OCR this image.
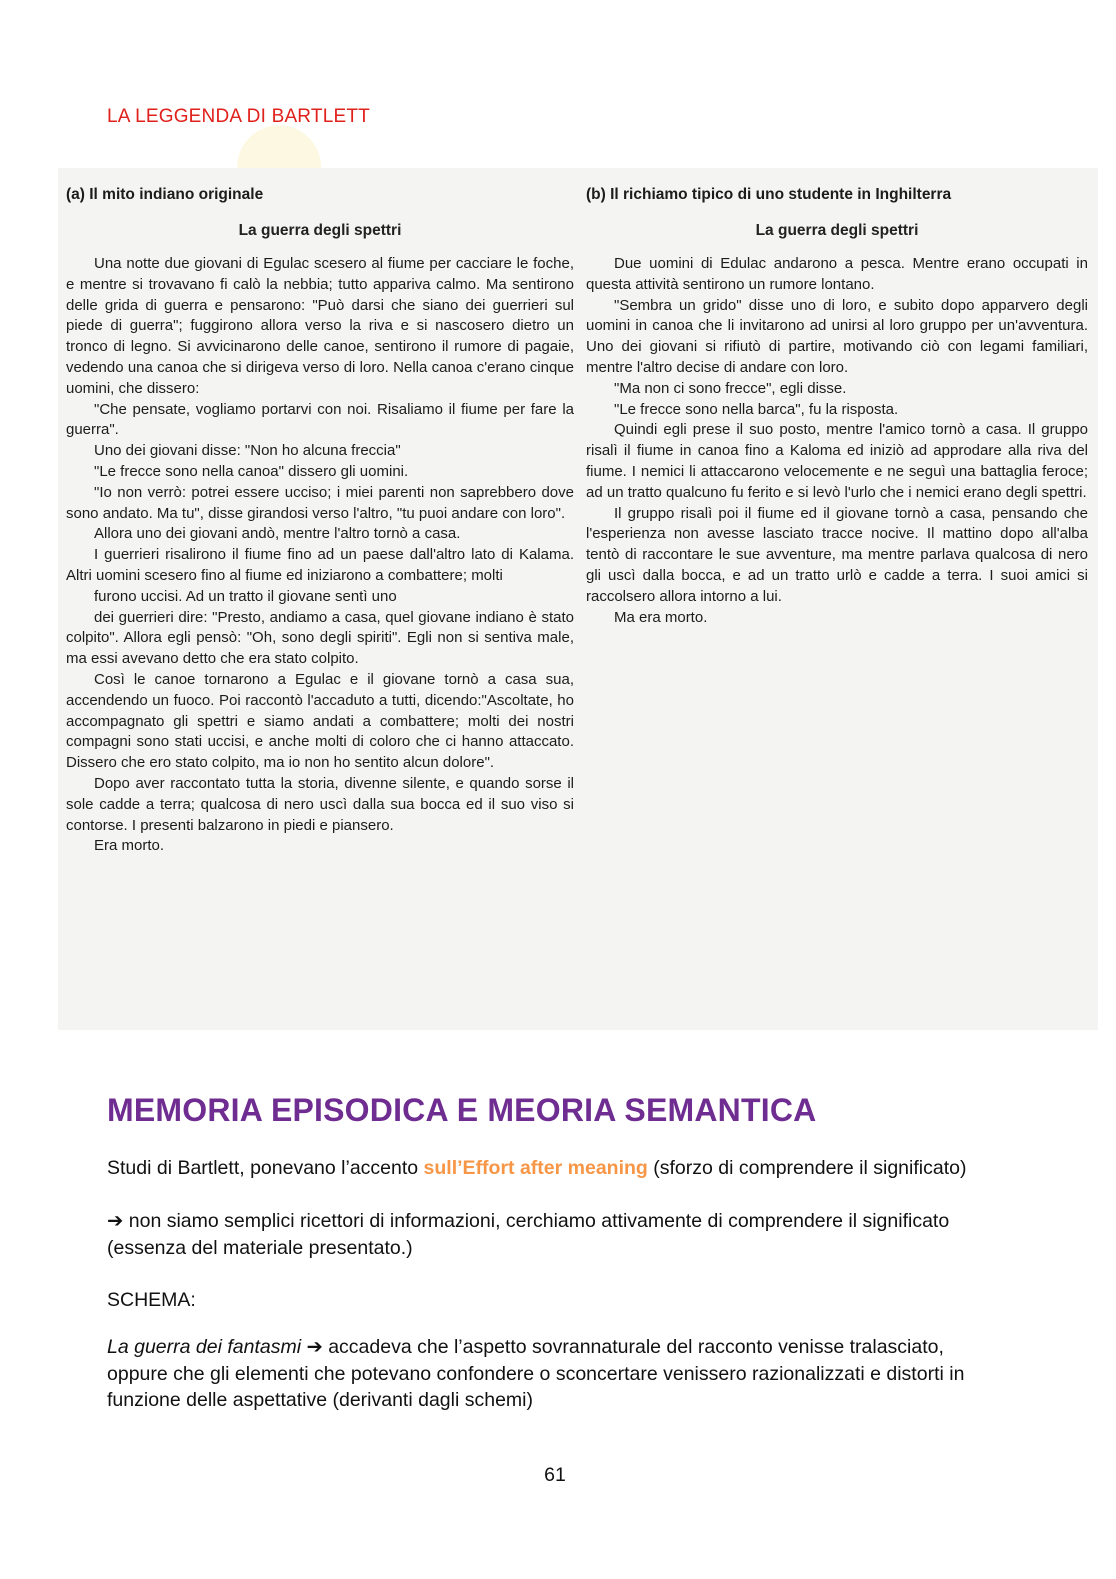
LA LEGGENDA DI BARTLETT

(a) Il mito indiano originale

La guerra degli spettri

Una notte due giovani di Egulac scesero al fiume per cacciare le foche, e mentre si trovavano fi calò la nebbia; tutto appariva calmo. Ma sentirono delle grida di guerra e pensarono: "Può darsi che siano dei guerrieri sul piede di guerra"; fuggirono allora verso la riva e si nascosero dietro un tronco di legno. Si avvicinarono delle canoe, sentirono il rumore di pagaie, vedendo una canoa che si dirigeva verso di loro. Nella canoa c'erano cinque uomini, che dissero:

"Che pensate, vogliamo portarvi con noi. Risaliamo il fiume per fare la guerra".

Uno dei giovani disse: "Non ho alcuna freccia"

"Le frecce sono nella canoa" dissero gli uomini.

"Io non verrò: potrei essere ucciso; i miei parenti non saprebbero dove sono andato. Ma tu", disse girandosi verso l'altro, "tu puoi andare con loro".

Allora uno dei giovani andò, mentre l'altro tornò a casa.

I guerrieri risalirono il fiume fino ad un paese dall'altro lato di Kalama. Altri uomini scesero fino al fiume ed iniziarono a combattere; molti

furono uccisi. Ad un tratto il giovane sentì uno

dei guerrieri dire: "Presto, andiamo a casa, quel giovane indiano è stato colpito". Allora egli pensò: "Oh, sono degli spiriti". Egli non si sentiva male, ma essi avevano detto che era stato colpito.

Così le canoe tornarono a Egulac e il giovane tornò a casa sua, accendendo un fuoco. Poi raccontò l'accaduto a tutti, dicendo:"Ascoltate, ho accompagnato gli spettri e siamo andati a combattere; molti dei nostri compagni sono stati uccisi, e anche molti di coloro che ci hanno attaccato. Dissero che ero stato colpito, ma io non ho sentito alcun dolore".

Dopo aver raccontato tutta la storia, divenne silente, e quando sorse il sole cadde a terra; qualcosa di nero uscì dalla sua bocca ed il suo viso si contorse. I presenti balzarono in piedi e piansero.

Era morto.

(b) Il richiamo tipico di uno studente in Inghilterra

La guerra degli spettri

Due uomini di Edulac andarono a pesca. Mentre erano occupati in questa attività sentirono un rumore lontano.

"Sembra un grido" disse uno di loro, e subito dopo apparvero degli uomini in canoa che li invitarono ad unirsi al loro gruppo per un'avventura. Uno dei giovani si rifiutò di partire, motivando ciò con legami familiari, mentre l'altro decise di andare con loro.

"Ma non ci sono frecce", egli disse.

"Le frecce sono nella barca", fu la risposta.

Quindi egli prese il suo posto, mentre l'amico tornò a casa. Il gruppo risalì il fiume in canoa fino a Kaloma ed iniziò ad approdare alla riva del fiume. I nemici li attaccarono velocemente e ne seguì una battaglia feroce; ad un tratto qualcuno fu ferito e si levò l'urlo che i nemici erano degli spettri.

Il gruppo risalì poi il fiume ed il giovane tornò a casa, pensando che l'esperienza non avesse lasciato tracce nocive. Il mattino dopo all'alba tentò di raccontare le sue avventure, ma mentre parlava qualcosa di nero gli uscì dalla bocca, e ad un tratto urlò e cadde a terra. I suoi amici si raccolsero allora intorno a lui.

Ma era morto.

MEMORIA EPISODICA E MEORIA SEMANTICA
Studi di Bartlett, ponevano l’accento sull’Effort after meaning (sforzo di comprendere il significato)
➔ non siamo semplici ricettori di informazioni, cerchiamo attivamente di comprendere il significato (essenza del materiale presentato.)
SCHEMA:
La guerra dei fantasmi ➔ accadeva che l’aspetto sovrannaturale del racconto venisse tralasciato, oppure che gli elementi che potevano confondere o sconcertare venissero razionalizzati e distorti in funzione delle aspettative (derivanti dagli schemi)
61
